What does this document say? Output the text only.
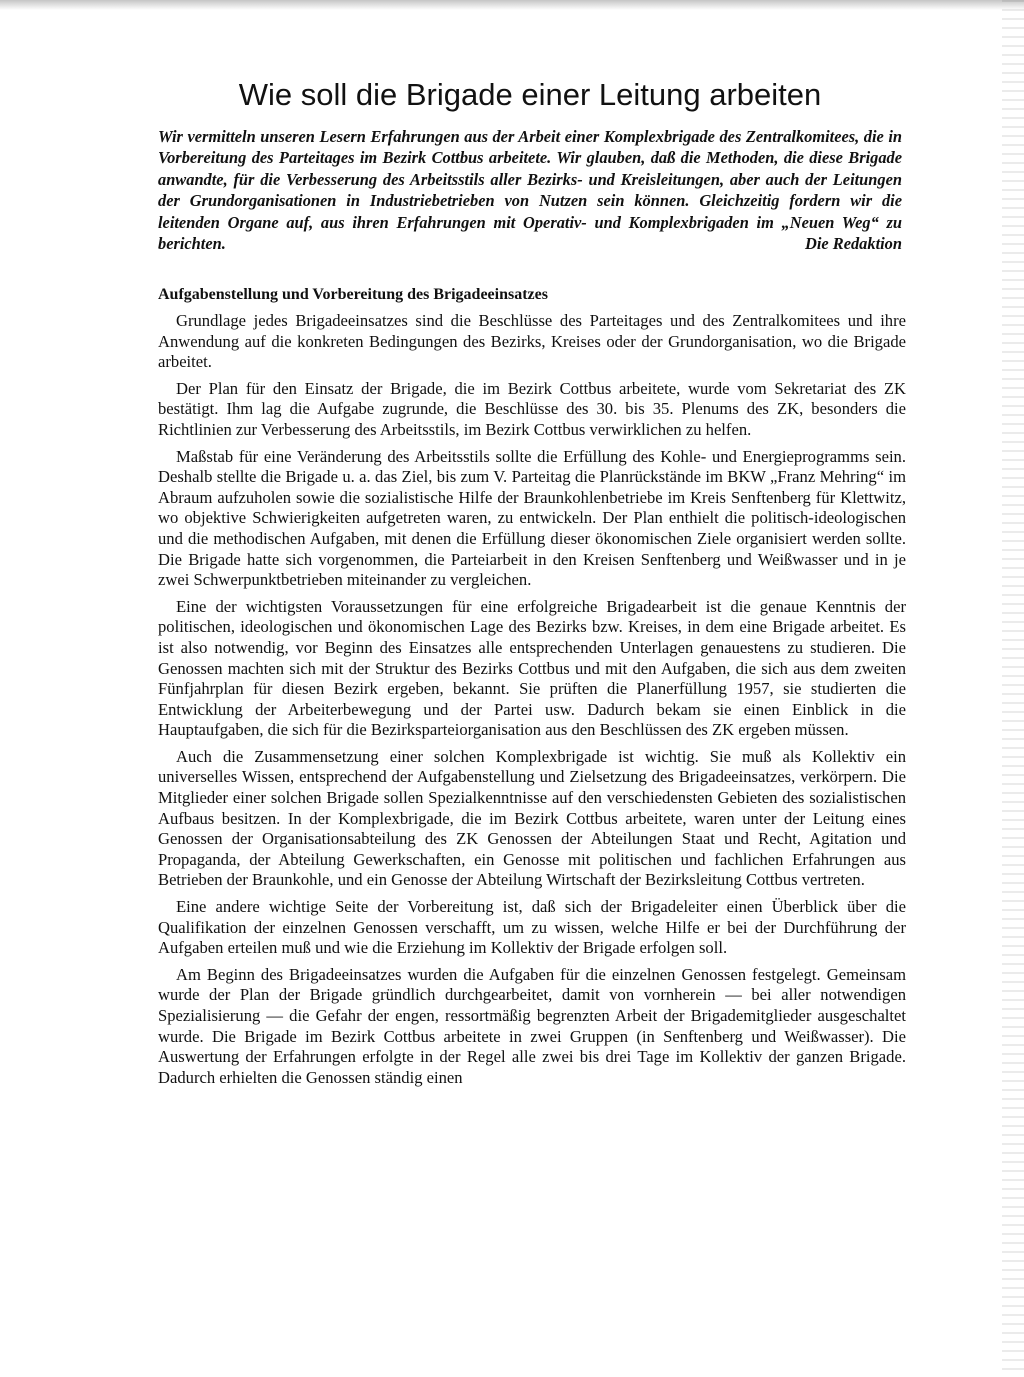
Wie soll die Brigade einer Leitung arbeiten
Wir vermitteln unseren Lesern Erfahrungen aus der Arbeit einer Komplexbrigade des Zentralkomitees, die in Vorbereitung des Parteitages im Bezirk Cottbus arbeitete. Wir glauben, daß die Methoden, die diese Brigade anwandte, für die Verbesserung des Arbeitsstils aller Bezirks- und Kreisleitungen, aber auch der Leitungen der Grundorganisationen in Industriebetrieben von Nutzen sein können. Gleichzeitig fordern wir die leitenden Organe auf, aus ihren Erfahrungen mit Operativ- und Komplexbrigaden im „Neuen Weg“ zu berichten.	Die Redaktion
Aufgabenstellung und Vorbereitung des Brigadeeinsatzes

Grundlage jedes Brigadeeinsatzes sind die Beschlüsse des Parteitages und des Zentralkomitees und ihre Anwendung auf die konkreten Bedingungen des Bezirks, Kreises oder der Grundorganisation, wo die Brigade arbeitet.

Der Plan für den Einsatz der Brigade, die im Bezirk Cottbus arbeitete, wurde vom Sekretariat des ZK bestätigt. Ihm lag die Aufgabe zugrunde, die Beschlüsse des 30. bis 35. Plenums des ZK, besonders die Richtlinien zur Verbesserung des Arbeitsstils, im Bezirk Cottbus verwirklichen zu helfen.

Maßstab für eine Veränderung des Arbeitsstils sollte die Erfüllung des Kohle- und Energieprogramms sein. Deshalb stellte die Brigade u. a. das Ziel, bis zum V. Parteitag die Planrückstände im BKW „Franz Mehring“ im Abraum aufzuholen sowie die sozialistische Hilfe der Braunkohlenbetriebe im Kreis Senftenberg für Klettwitz, wo objektive Schwierigkeiten aufgetreten waren, zu entwickeln. Der Plan enthielt die politisch-ideologischen und die methodischen Aufgaben, mit denen die Erfüllung dieser ökonomischen Ziele organisiert werden sollte. Die Brigade hatte sich vorgenommen, die Parteiarbeit in den Kreisen Senftenberg und Weißwasser und in je zwei Schwerpunktbetrieben miteinander zu vergleichen.

Eine der wichtigsten Voraussetzungen für eine erfolgreiche Brigadearbeit ist die genaue Kenntnis der politischen, ideologischen und ökonomischen Lage des Bezirks bzw. Kreises, in dem eine Brigade arbeitet. Es ist also notwendig, vor Beginn des Einsatzes alle entsprechenden Unterlagen genauestens zu studieren. Die Genossen machten sich mit der Struktur des Bezirks Cottbus und mit den Aufgaben, die sich aus dem zweiten Fünfjahrplan für diesen Bezirk ergeben, bekannt. Sie prüften die Planerfüllung 1957, sie studierten die Entwicklung der Arbeiterbewegung und der Partei usw. Dadurch bekam sie einen Einblick in die Hauptaufgaben, die sich für die Bezirksparteiorganisation aus den Beschlüssen des ZK ergeben müssen.

Auch die Zusammensetzung einer solchen Komplexbrigade ist wichtig. Sie muß als Kollektiv ein universelles Wissen, entsprechend der Aufgabenstellung und Zielsetzung des Brigadeeinsatzes, verkörpern. Die Mitglieder einer solchen Brigade sollen Spezialkenntnisse auf den verschiedensten Gebieten des sozialistischen Aufbaus besitzen. In der Komplexbrigade, die im Bezirk Cottbus arbeitete, waren unter der Leitung eines Genossen der Organisationsabteilung des ZK Genossen der Abteilungen Staat und Recht, Agitation und Propaganda, der Abteilung Gewerkschaften, ein Genosse mit politischen und fachlichen Erfahrungen aus Betrieben der Braunkohle, und ein Genosse der Abteilung Wirtschaft der Bezirksleitung Cottbus vertreten.

Eine andere wichtige Seite der Vorbereitung ist, daß sich der Brigadeleiter einen Überblick über die Qualifikation der einzelnen Genossen verschafft, um zu wissen, welche Hilfe er bei der Durchführung der Aufgaben erteilen muß und wie die Erziehung im Kollektiv der Brigade erfolgen soll.

Am Beginn des Brigadeeinsatzes wurden die Aufgaben für die einzelnen Genossen festgelegt. Gemeinsam wurde der Plan der Brigade gründlich durchgearbeitet, damit von vornherein — bei aller notwendigen Spezialisierung — die Gefahr der engen, ressortmäßig begrenzten Arbeit der Brigademitglieder ausgeschaltet wurde. Die Brigade im Bezirk Cottbus arbeitete in zwei Gruppen (in Senftenberg und Weißwasser). Die Auswertung der Erfahrungen erfolgte in der Regel alle zwei bis drei Tage im Kollektiv der ganzen Brigade. Dadurch erhielten die Genossen ständig einen
